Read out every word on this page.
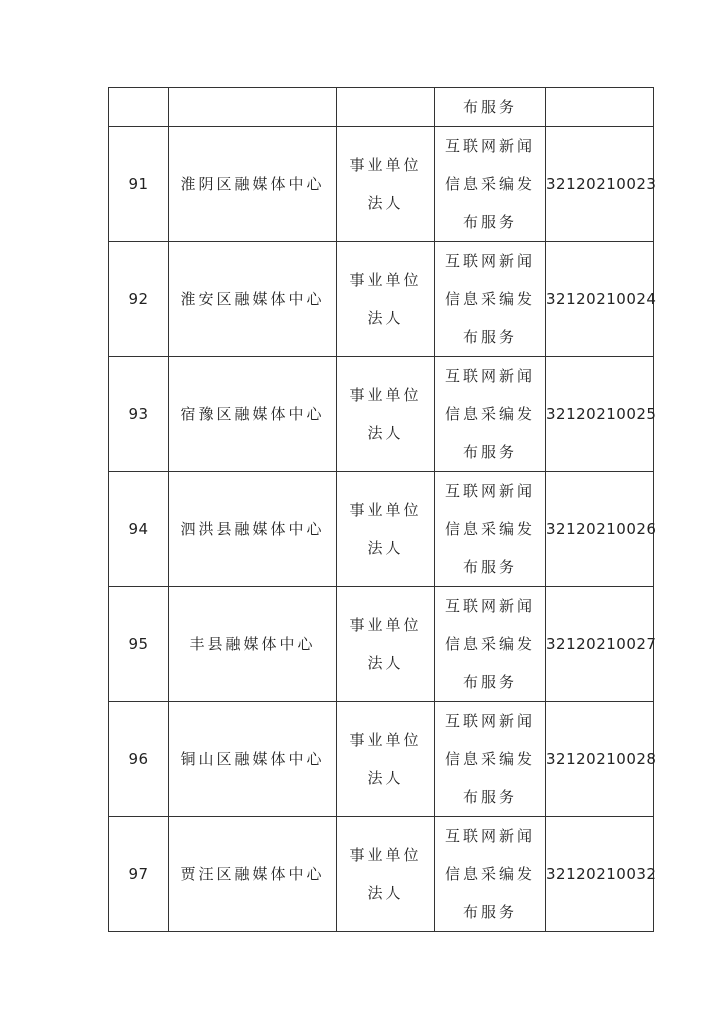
			布服务	
91	淮阴区融媒体中心	事业单位法人	互联网新闻信息采编发布服务	32120210023
92	淮安区融媒体中心	事业单位法人	互联网新闻信息采编发布服务	32120210024
93	宿豫区融媒体中心	事业单位法人	互联网新闻信息采编发布服务	32120210025
94	泗洪县融媒体中心	事业单位法人	互联网新闻信息采编发布服务	32120210026
95	丰县融媒体中心	事业单位法人	互联网新闻信息采编发布服务	32120210027
96	铜山区融媒体中心	事业单位法人	互联网新闻信息采编发布服务	32120210028
97	贾汪区融媒体中心	事业单位法人	互联网新闻信息采编发布服务	32120210032
